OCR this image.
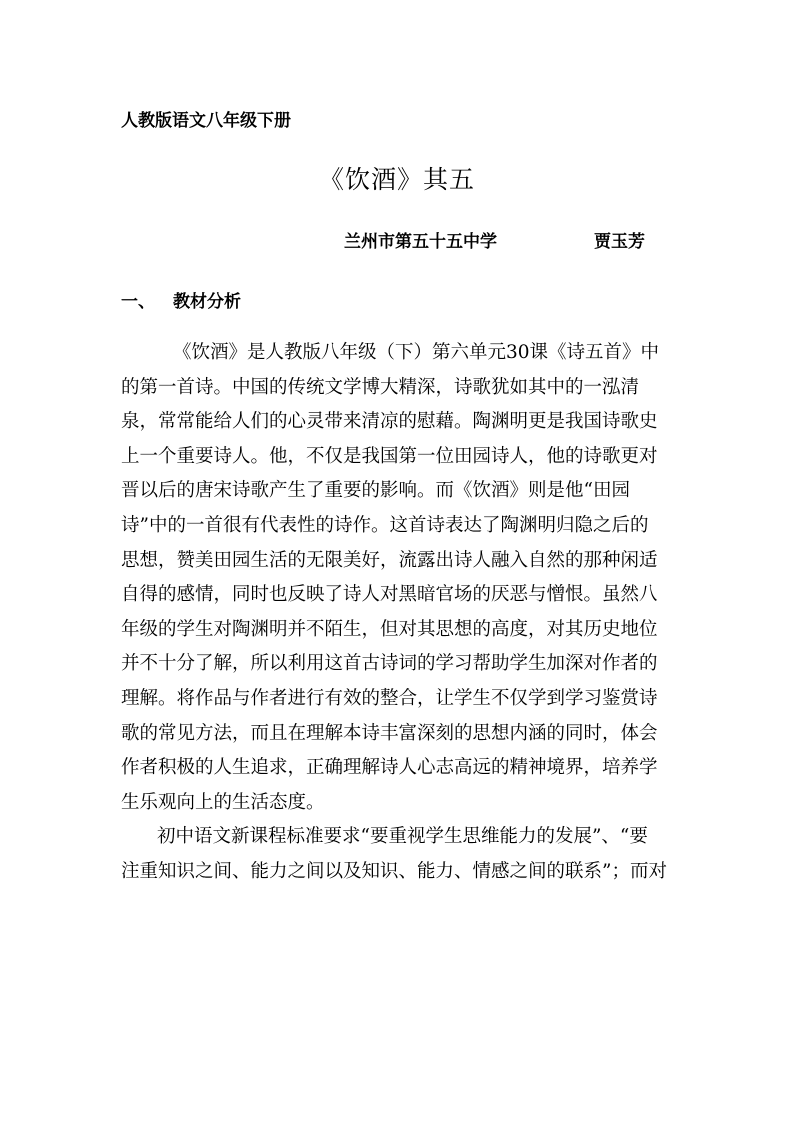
人教版语文八年级下册
《饮酒》其五
兰州市第五十五中学	贾玉芳
一、 教材分析
《饮酒》是人教版八年级（下）第六单元30课《诗五首》中
的第一首诗。中国的传统文学博大精深，诗歌犹如其中的一泓清
泉，常常能给人们的心灵带来清凉的慰藉。陶渊明更是我国诗歌史
上一个重要诗人。他，不仅是我国第一位田园诗人，他的诗歌更对
晋以后的唐宋诗歌产生了重要的影响。而《饮酒》则是他“田园
诗”中的一首很有代表性的诗作。这首诗表达了陶渊明归隐之后的
思想，赞美田园生活的无限美好，流露出诗人融入自然的那种闲适
自得的感情，同时也反映了诗人对黑暗官场的厌恶与憎恨。虽然八
年级的学生对陶渊明并不陌生，但对其思想的高度，对其历史地位
并不十分了解，所以利用这首古诗词的学习帮助学生加深对作者的
理解。将作品与作者进行有效的整合，让学生不仅学到学习鉴赏诗
歌的常见方法，而且在理解本诗丰富深刻的思想内涵的同时，体会
作者积极的人生追求，正确理解诗人心志高远的精神境界，培养学
生乐观向上的生活态度。
初中语文新课程标准要求“要重视学生思维能力的发展”、“要
注重知识之间、能力之间以及知识、能力、情感之间的联系”；而对
